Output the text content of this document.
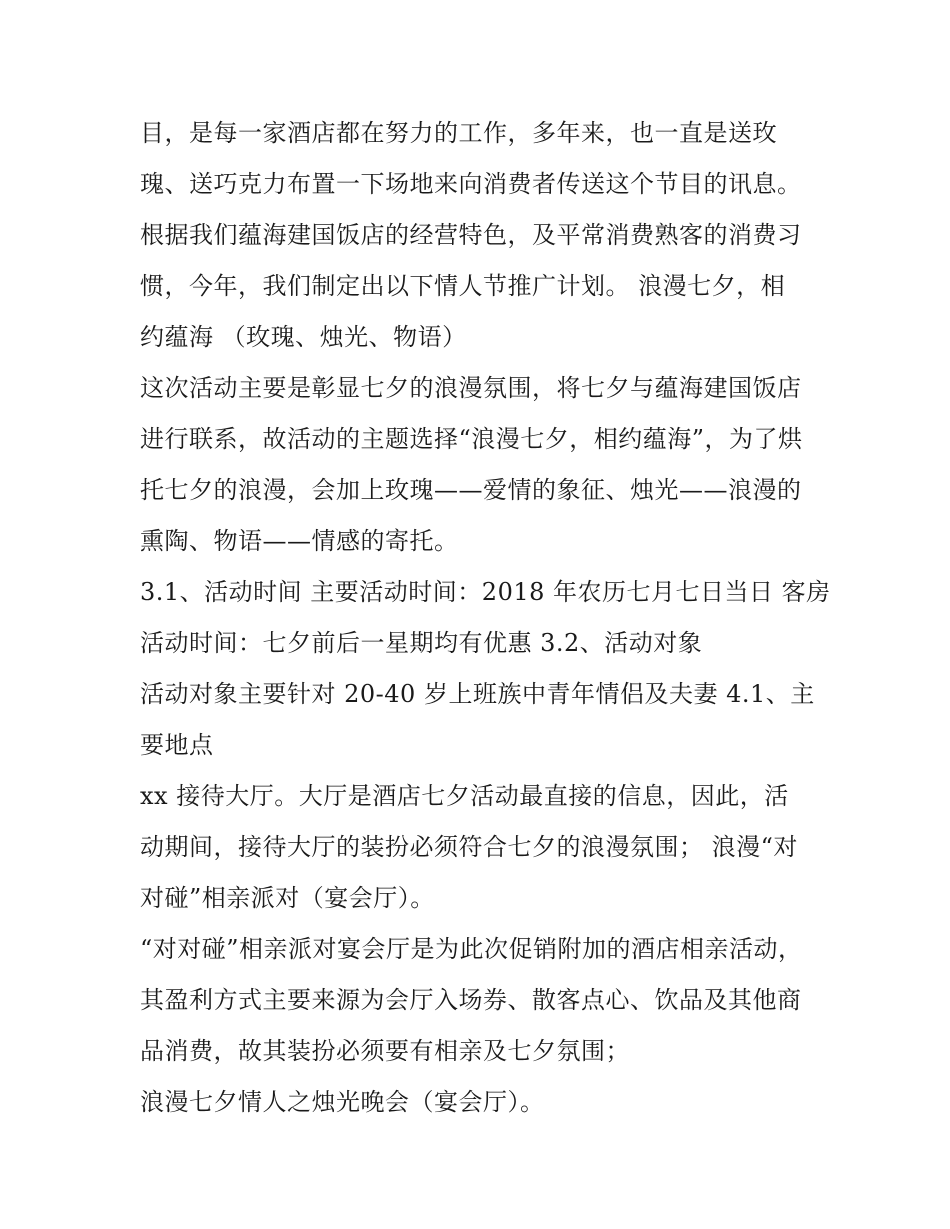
目，是每一家酒店都在努力的工作，多年来，也一直是送玫
瑰、送巧克力布置一下场地来向消费者传送这个节目的讯息。
根据我们蕴海建国饭店的经营特色，及平常消费熟客的消费习
惯，今年，我们制定出以下情人节推广计划。 浪漫七夕，相
约蕴海 （玫瑰、烛光、物语）
这次活动主要是彰显七夕的浪漫氛围，将七夕与蕴海建国饭店
进行联系，故活动的主题选择“浪漫七夕，相约蕴海”，为了烘
托七夕的浪漫，会加上玫瑰——爱情的象征、烛光——浪漫的
熏陶、物语——情感的寄托。
3.1、活动时间 主要活动时间：2018 年农历七月七日当日 客房
活动时间：七夕前后一星期均有优惠 3.2、活动对象
活动对象主要针对 20-40 岁上班族中青年情侣及夫妻 4.1、主
要地点
xx 接待大厅。大厅是酒店七夕活动最直接的信息，因此，活
动期间，接待大厅的装扮必须符合七夕的浪漫氛围； 浪漫“对
对碰”相亲派对（宴会厅）。
“对对碰”相亲派对宴会厅是为此次促销附加的酒店相亲活动，
其盈利方式主要来源为会厅入场券、散客点心、饮品及其他商
品消费，故其装扮必须要有相亲及七夕氛围；
浪漫七夕情人之烛光晚会（宴会厅）。
